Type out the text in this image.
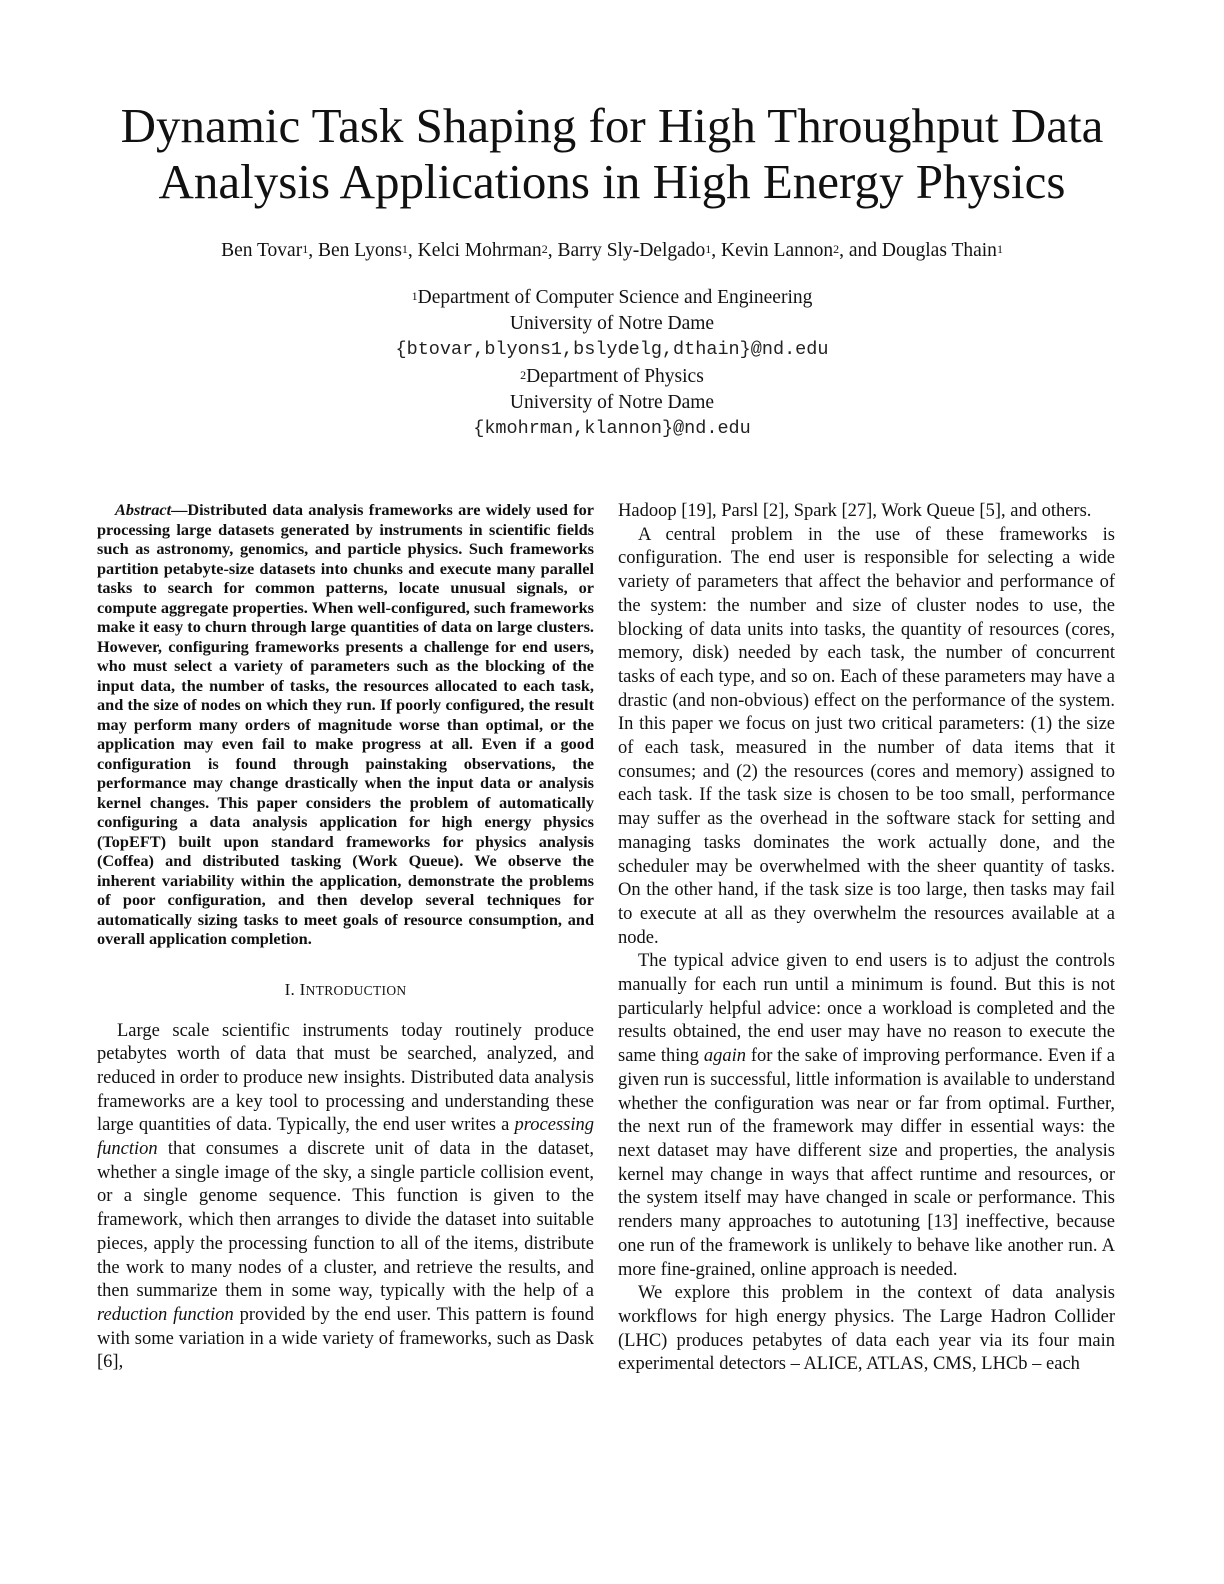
Dynamic Task Shaping for High Throughput Data
Analysis Applications in High Energy Physics
Ben Tovar$^1$, Ben Lyons$^1$, Kelci Mohrman$^2$, Barry Sly-Delgado$^1$, Kevin Lannon$^2$, and Douglas Thain$^1$
$^1$Department of Computer Science and Engineering
University of Notre Dame
{btovar,blyons1,bslydelg,dthain}@nd.edu
$^2$Department of Physics
University of Notre Dame
{kmohrman,klannon}@nd.edu

Abstract—Distributed data analysis frameworks are widely used for processing large datasets generated by instruments in scientific fields such as astronomy, genomics, and particle physics. Such frameworks partition petabyte-size datasets into chunks and execute many parallel tasks to search for common patterns, locate unusual signals, or compute aggregate properties. When well-configured, such frameworks make it easy to churn through large quantities of data on large clusters. However, configuring frameworks presents a challenge for end users, who must select a variety of parameters such as the blocking of the input data, the number of tasks, the resources allocated to each task, and the size of nodes on which they run. If poorly configured, the result may perform many orders of magnitude worse than optimal, or the application may even fail to make progress at all. Even if a good configuration is found through painstaking observations, the performance may change drastically when the input data or analysis kernel changes. This paper considers the problem of automatically configuring a data analysis application for high energy physics (TopEFT) built upon standard frameworks for physics analysis (Coffea) and distributed tasking (Work Queue). We observe the inherent variability within the application, demonstrate the problems of poor configuration, and then develop several techniques for automatically sizing tasks to meet goals of resource consumption, and overall application completion.

I. INTRODUCTION

Large scale scientific instruments today routinely produce petabytes worth of data that must be searched, analyzed, and reduced in order to produce new insights. Distributed data analysis frameworks are a key tool to processing and understanding these large quantities of data. Typically, the end user writes a processing function that consumes a discrete unit of data in the dataset, whether a single image of the sky, a single particle collision event, or a single genome sequence. This function is given to the framework, which then arranges to divide the dataset into suitable pieces, apply the processing function to all of the items, distribute the work to many nodes of a cluster, and retrieve the results, and then summarize them in some way, typically with the help of a reduction function provided by the end user. This pattern is found with some variation in a wide variety of frameworks, such as Dask [6],

Hadoop [19], Parsl [2], Spark [27], Work Queue [5], and others.

A central problem in the use of these frameworks is configuration. The end user is responsible for selecting a wide variety of parameters that affect the behavior and performance of the system: the number and size of cluster nodes to use, the blocking of data units into tasks, the quantity of resources (cores, memory, disk) needed by each task, the number of concurrent tasks of each type, and so on. Each of these parameters may have a drastic (and non-obvious) effect on the performance of the system. In this paper we focus on just two critical parameters: (1) the size of each task, measured in the number of data items that it consumes; and (2) the resources (cores and memory) assigned to each task. If the task size is chosen to be too small, performance may suffer as the overhead in the software stack for setting and managing tasks dominates the work actually done, and the scheduler may be overwhelmed with the sheer quantity of tasks. On the other hand, if the task size is too large, then tasks may fail to execute at all as they overwhelm the resources available at a node.

The typical advice given to end users is to adjust the controls manually for each run until a minimum is found. But this is not particularly helpful advice: once a workload is completed and the results obtained, the end user may have no reason to execute the same thing again for the sake of improving performance. Even if a given run is successful, little information is available to understand whether the configuration was near or far from optimal. Further, the next run of the framework may differ in essential ways: the next dataset may have different size and properties, the analysis kernel may change in ways that affect runtime and resources, or the system itself may have changed in scale or performance. This renders many approaches to autotuning [13] ineffective, because one run of the framework is unlikely to behave like another run. A more fine-grained, online approach is needed.

We explore this problem in the context of data analysis workflows for high energy physics. The Large Hadron Collider (LHC) produces petabytes of data each year via its four main experimental detectors – ALICE, ATLAS, CMS, LHCb – each
